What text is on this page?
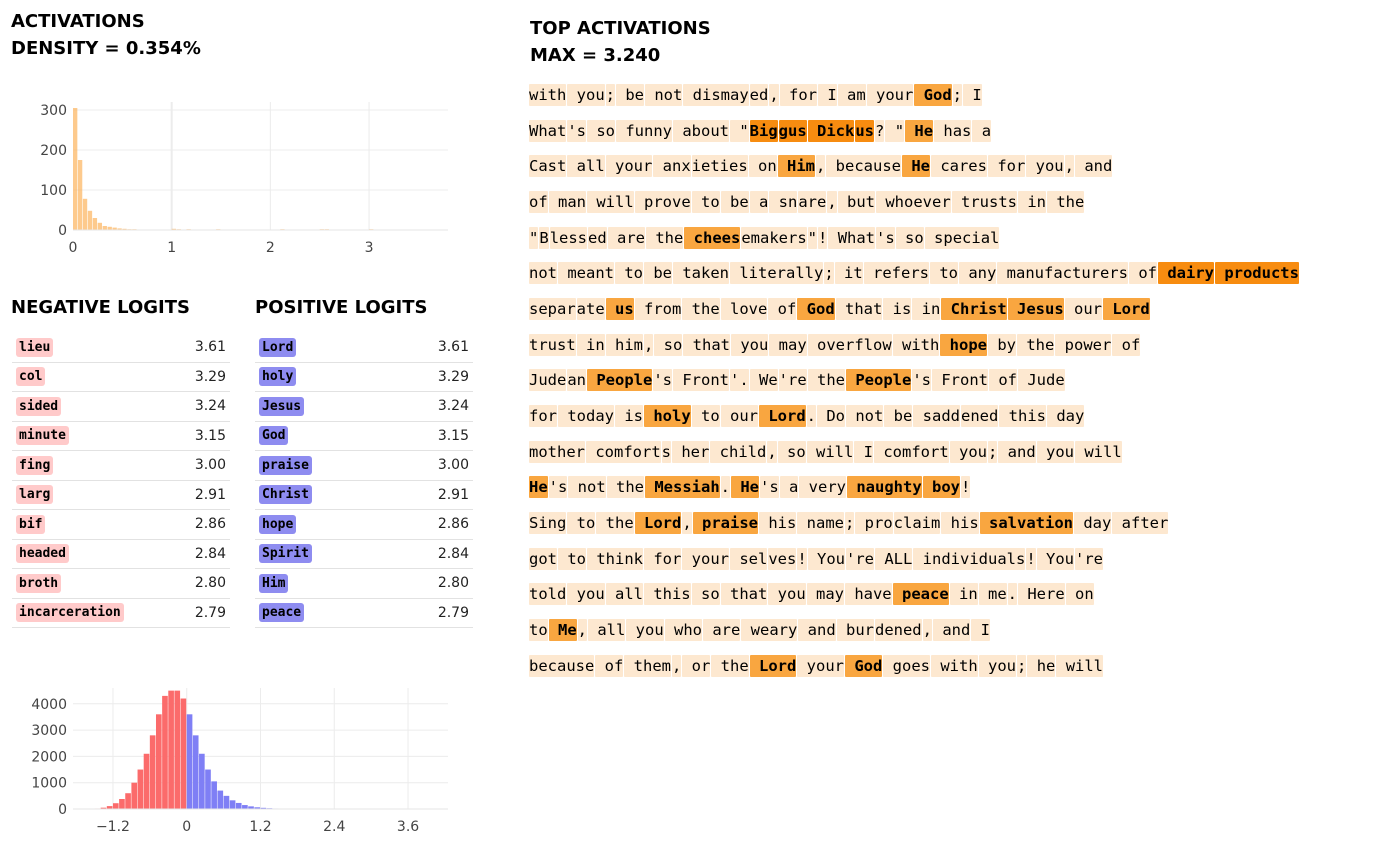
ACTIVATIONS
DENSITY = 0.354%
0
100
200
300
0	1	2	3
NEGATIVE LOGITS	POSITIVE LOGITS
lieu	3.61
col	3.29
sided	3.24
minute	3.15
fing	3.00
larg	2.91
bif	2.86
headed	2.84
broth	2.80
incarceration	2.79
Lord	3.61
holy	3.29
Jesus	3.24
God	3.15
praise	3.00
Christ	2.91
hope	2.86
Spirit	2.84
Him	2.80
peace	2.79
0
1000
2000
3000
4000
−1.2	0	1.2	2.4	3.6
TOP ACTIVATIONS
MAX = 3.240
with you ; be not dismay ed , for I am your God ; I
What 's so funny about " Big gus Dick us ? " He has a
Cast all your anx ieties on Him , because He cares for you , and
of man will prove to be a sn are , but whoever trusts in the
" B less ed are the chees emakers " ! What 's so special
not meant to be taken literally ; it refers to any manufacturers of dairy products
separ ate us from the love of God that is in Christ Jesus our Lord
trust in him , so that you may overflow with hope by the power of
Jude an People 's Front '. We 're the People 's Front of Jude
for today is holy to our Lord . Do not be sadd ened this day
mother comfort s her child , so will I comfort you ; and you will
He 's not the Messiah . He 's a very naughty boy !
Sing to the Lord , praise his name ; pro claim his salvation day after
got to think for your sel ves ! You 're ALL individuals ! You 're
told you all this so that you may have peace in me . Here on
to Me , all you who are weary and bur dened , and I
because of them , or the Lord your God goes with you ; he will
